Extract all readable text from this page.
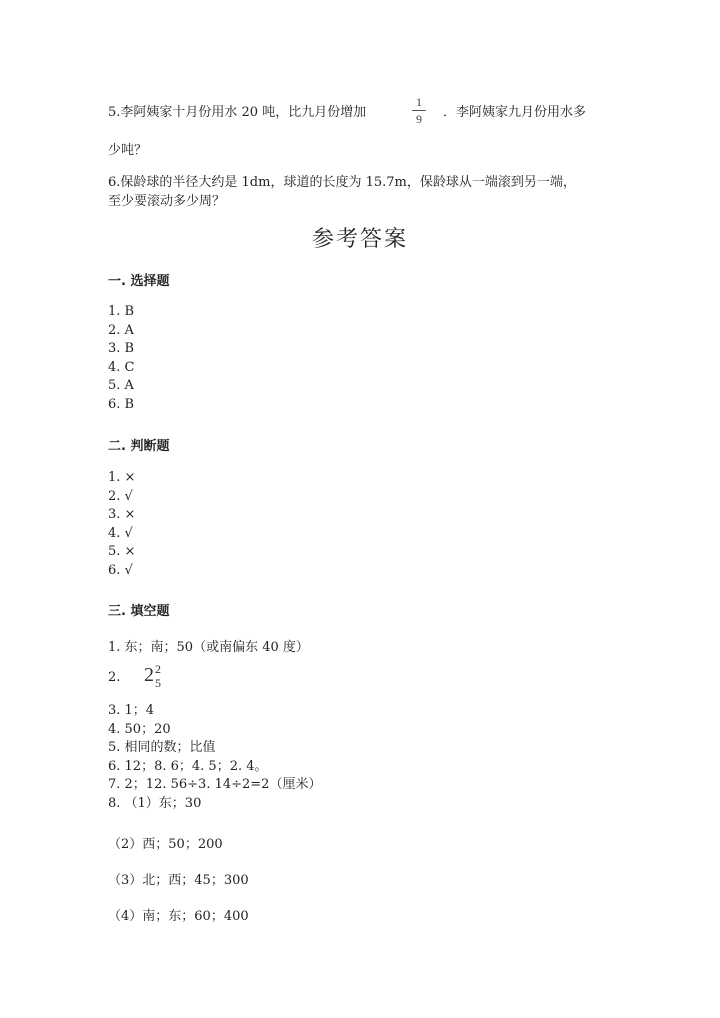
5.李阿姨家十月份用水 20 吨，比九月份增加
1
9	．李阿姨家九月份用水多
少吨？
6.保龄球的半径大约是 1dm，球道的长度为 15.7m，保龄球从一端滚到另一端，
至少要滚动多少周？
参考答案
一. 选择题
1. B
2. A
3. B
4. C
5. A
6. B
二. 判断题
1. ×
2. √
3. ×
4. √
5. ×
6. √
三. 填空题
1. 东；南；50（或南偏东 40 度）
2. 2 2
5
3. 1；4
4. 50；20
5. 相同的数；比值
6. 12；8. 6；4. 5；2. 4。
7. 2；12. 56÷3. 14÷2=2（厘米）
8. （1）东；30
（2）西；50；200
（3）北；西；45；300
（4）南；东；60；400
